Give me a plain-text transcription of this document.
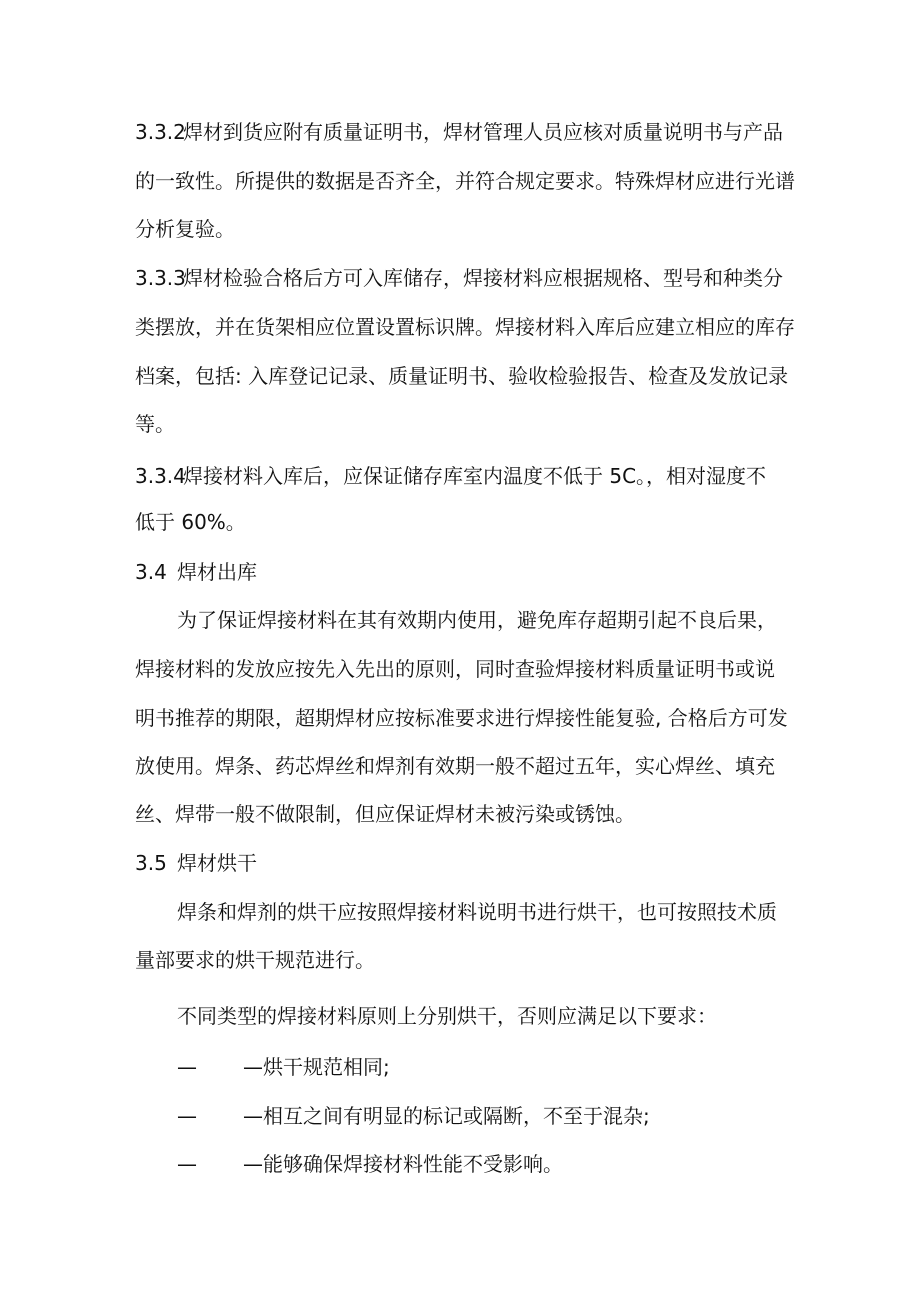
3.3.2焊材到货应附有质量证明书，焊材管理人员应核对质量说明书与产品
的一致性。所提供的数据是否齐全，并符合规定要求。特殊焊材应进行光谱
分析复验。
3.3.3焊材检验合格后方可入库储存，焊接材料应根据规格、型号和种类分
类摆放，并在货架相应位置设置标识牌。焊接材料入库后应建立相应的库存
档案，包括: 入库登记记录、质量证明书、验收检验报告、检查及发放记录
等。
3.3.4焊接材料入库后，应保证储存库室内温度不低于 5C。，相对湿度不
低于 60%。
3.4 焊材出库
为了保证焊接材料在其有效期内使用，避免库存超期引起不良后果，
焊接材料的发放应按先入先出的原则，同时查验焊接材料质量证明书或说
明书推荐的期限，超期焊材应按标准要求进行焊接性能复验, 合格后方可发
放使用。焊条、药芯焊丝和焊剂有效期一般不超过五年，实心焊丝、填充
丝、焊带一般不做限制，但应保证焊材未被污染或锈蚀。
3.5 焊材烘干
焊条和焊剂的烘干应按照焊接材料说明书进行烘干，也可按照技术质
量部要求的烘干规范进行。
不同类型的焊接材料原则上分别烘干，否则应满足以下要求：
— —烘干规范相同;
— —相互之间有明显的标记或隔断，不至于混杂;
— —能够确保焊接材料性能不受影响。
